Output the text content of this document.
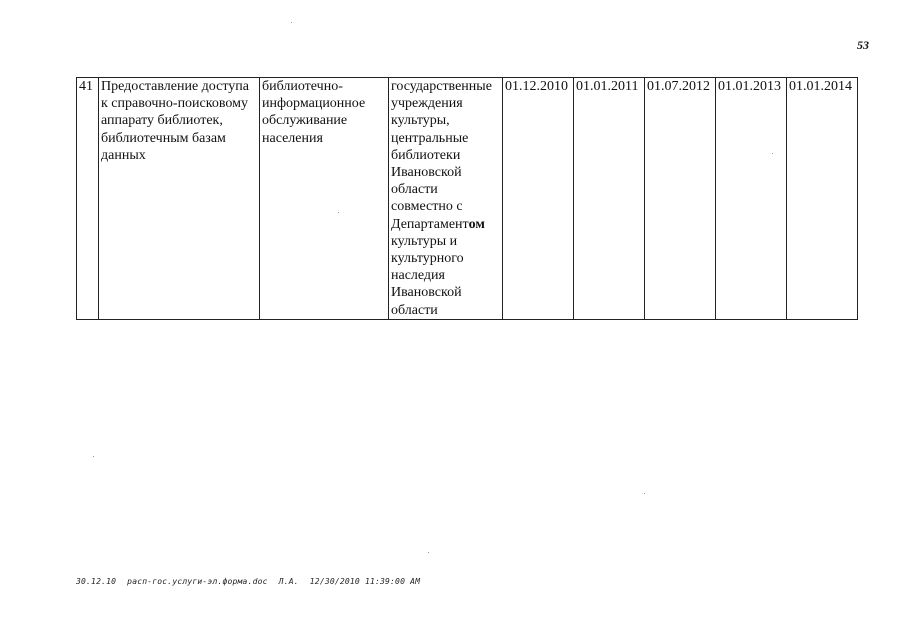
53
41	Предоставление доступа к справочно-поисковому аппарату библиотек, библиотечным базам данных	библиотечно-информационное обслуживание населения	государственные учреждения культуры, центральные библиотеки Ивановской области совместно с Департаментом культуры и культурного наследия Ивановской области	01.12.2010	01.01.2011	01.07.2012	01.01.2013	01.01.2014
30.12.10 расп-гос.услуги-эл.форма.doc Л.А. 12/30/2010 11:39:00 AM
